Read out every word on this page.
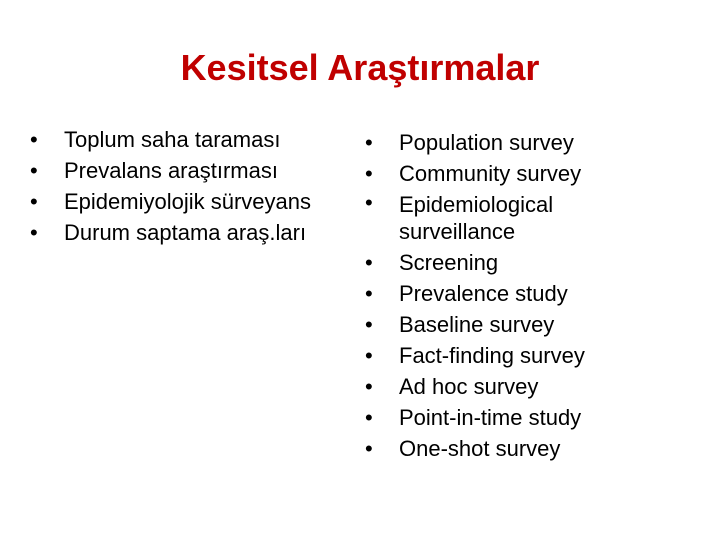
Kesitsel Araştırmalar
•	Toplum saha taraması
•	Prevalans araştırması
•	Epidemiyolojik sürveyans
•	Durum saptama araş.ları
•	Population survey
•	Community survey
•	Epidemiological surveillance
•	Screening
•	Prevalence study
•	Baseline survey
•	Fact-finding survey
•	Ad hoc survey
•	Point-in-time study
•	One-shot survey
